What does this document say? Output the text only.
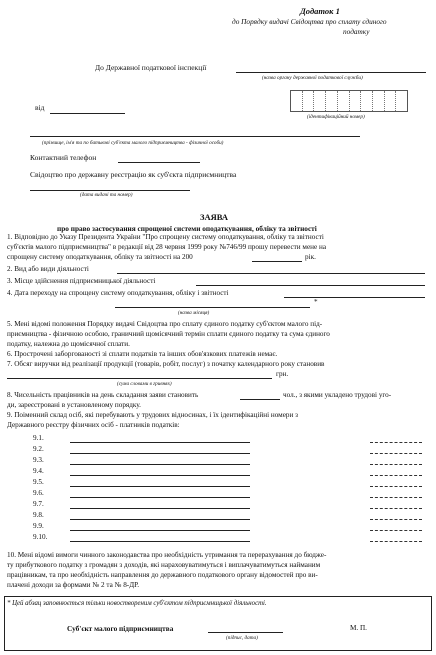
Додаток 1
до Порядку видачі Свідоцтва про сплату єдиного
податку
До Державної податкової інспекції
(назва органу державної податкової служби)
від
(ідентифікаційний номер)
(прізвище, ім'я та по батькові суб'єкта малого підприємництва - фізичної особи)
Контактний телефон
Свідоцтво про державну реєстрацію як суб'єкта підприємництва
(дата видачі та номер)
ЗАЯВА
про право застосування спрощеної системи оподаткування, обліку та звітності
1. Відповідно до Указу Президента України "Про спрощену систему оподаткування, обліку та звітності
суб'єктів малого підприємництва" в редакції від 28 червня 1999 року №746/99 прошу перевести мене на
спрощену систему оподаткування, обліку та звітності на 200	рік.
2. Вид або види діяльності
3. Місце здійснення підприємницької діяльності
4. Дата переходу на спрощену систему оподаткування, обліку і звітності
*
(назва місяця)
5. Мені відомі положення Порядку видачі Свідоцтва про сплату єдиного податку суб'єктом малого під-
приємництва - фізичною особою, граничний щомісячний термін сплати єдиного податку та сума єдиного
податку, належна до щомісячної сплати.
6. Прострочені заборгованості зі сплати податків та інших обов'язкових платежів немає.
7. Обсяг виручки від реалізації продукції (товарів, робіт, послуг) з початку календарного року становив
грн.
(сума словами в гривнях)
8. Чисельність працівників на день складання заяви становить	чол., з якими укладено трудові уго-
ди, зареєстровані в установленому порядку.
9. Поіменний склад осіб, які перебувають у трудових відносинах, і їх ідентифікаційні номери з
Державного реєстру фізичних осіб - платників податків:
9.1.
9.2.
9.3.
9.4.
9.5.
9.6.
9.7.
9.8.
9.9.
9.10.
10. Мені відомі вимоги чинного законодавства про необхідність утримання та перерахування до бюдже-
ту прибуткового податку з громадян з доходів, які нараховуватимуться і виплачуватимуться найманим
працівникам, та про необхідність направлення до державного податкового органу відомостей про ви-
плачені доходи за формами № 2 та № 8-ДР.
* Цей абзац заповнюється тільки новоствореним суб'єктом підприємницької діяльності.
Суб'єкт малого підприємництва
(підпис, дата)
М. П.
